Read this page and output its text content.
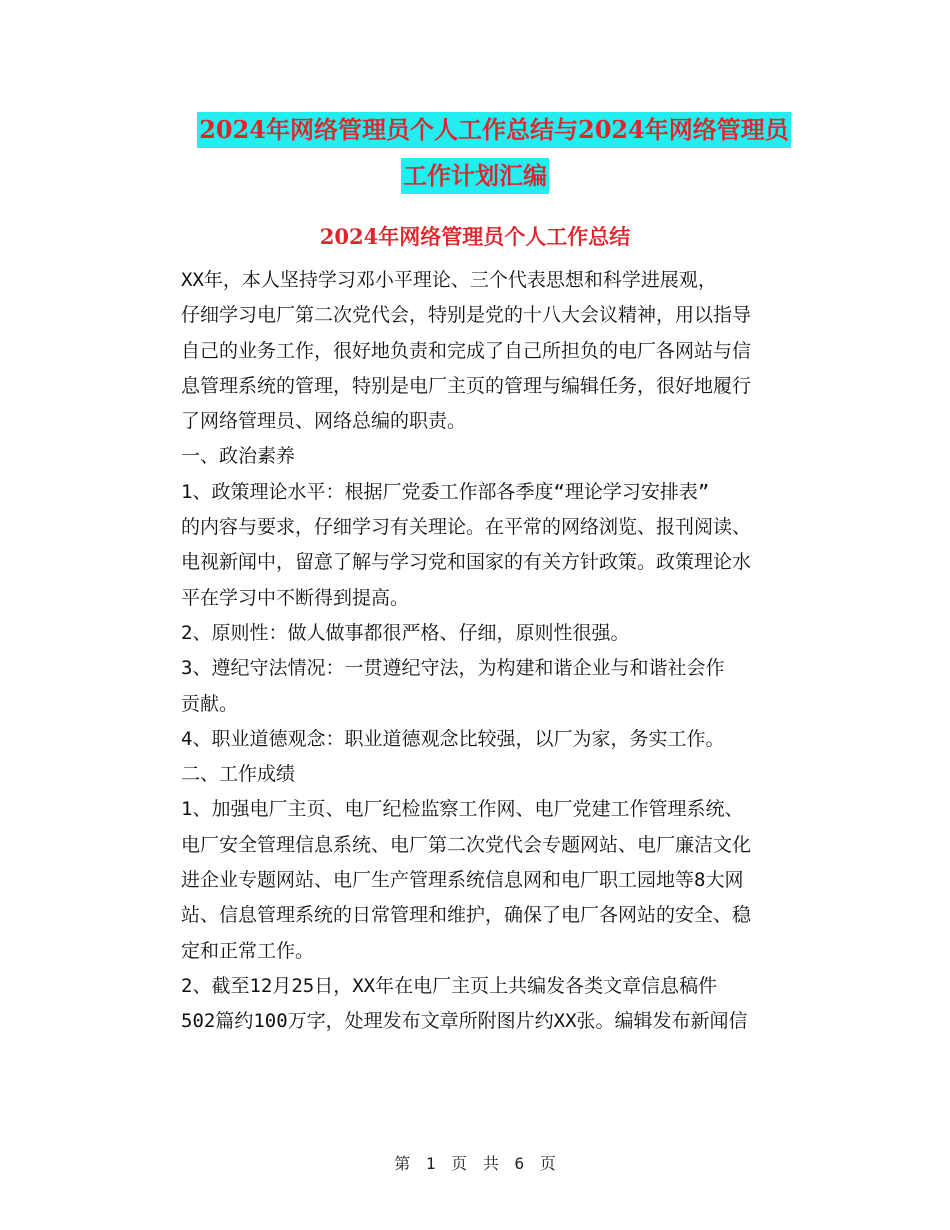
2024年网络管理员个人工作总结与2024年网络管理员
工作计划汇编
2024年网络管理员个人工作总结

XX年，本人坚持学习邓小平理论、三个代表思想和科学进展观，
仔细学习电厂第二次党代会，特别是党的十八大会议精神，用以指导
自己的业务工作，很好地负责和完成了自己所担负的电厂各网站与信
息管理系统的管理，特别是电厂主页的管理与编辑任务，很好地履行
了网络管理员、网络总编的职责。

一、政治素养

1、政策理论水平：根据厂党委工作部各季度“理论学习安排表”
的内容与要求，仔细学习有关理论。在平常的网络浏览、报刊阅读、
电视新闻中，留意了解与学习党和国家的有关方针政策。政策理论水
平在学习中不断得到提高。

2、原则性：做人做事都很严格、仔细，原则性很强。

3、遵纪守法情况：一贯遵纪守法，为构建和谐企业与和谐社会作
贡献。

4、职业道德观念：职业道德观念比较强，以厂为家，务实工作。

二、工作成绩

1、加强电厂主页、电厂纪检监察工作网、电厂党建工作管理系统、
电厂安全管理信息系统、电厂第二次党代会专题网站、电厂廉洁文化
进企业专题网站、电厂生产管理系统信息网和电厂职工园地等8大网
站、信息管理系统的日常管理和维护，确保了电厂各网站的安全、稳
定和正常工作。

2、截至12月25日，XX年在电厂主页上共编发各类文章信息稿件
502篇约100万字，处理发布文章所附图片约XX张。编辑发布新闻信

第 1 页 共 6 页
